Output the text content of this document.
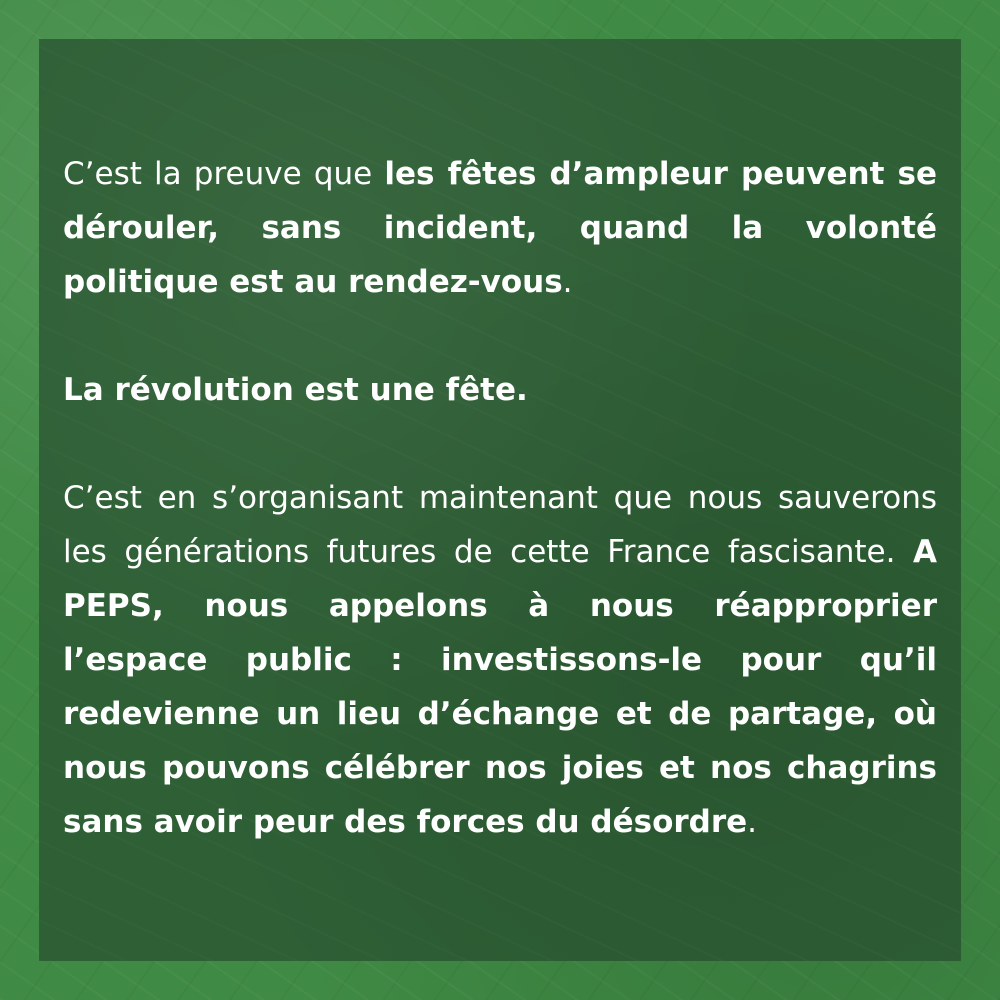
C’est la preuve que les fêtes d’ampleur peuvent se dérouler, sans incident, quand la volonté politique est au rendez-vous.

La révolution est une fête.

C’est en s’organisant maintenant que nous sauverons les générations futures de cette France fascisante. A PEPS, nous appelons à nous réapproprier l’espace public : investissons-le pour qu’il redevienne un lieu d’échange et de partage, où nous pouvons célébrer nos joies et nos chagrins sans avoir peur des forces du désordre.
